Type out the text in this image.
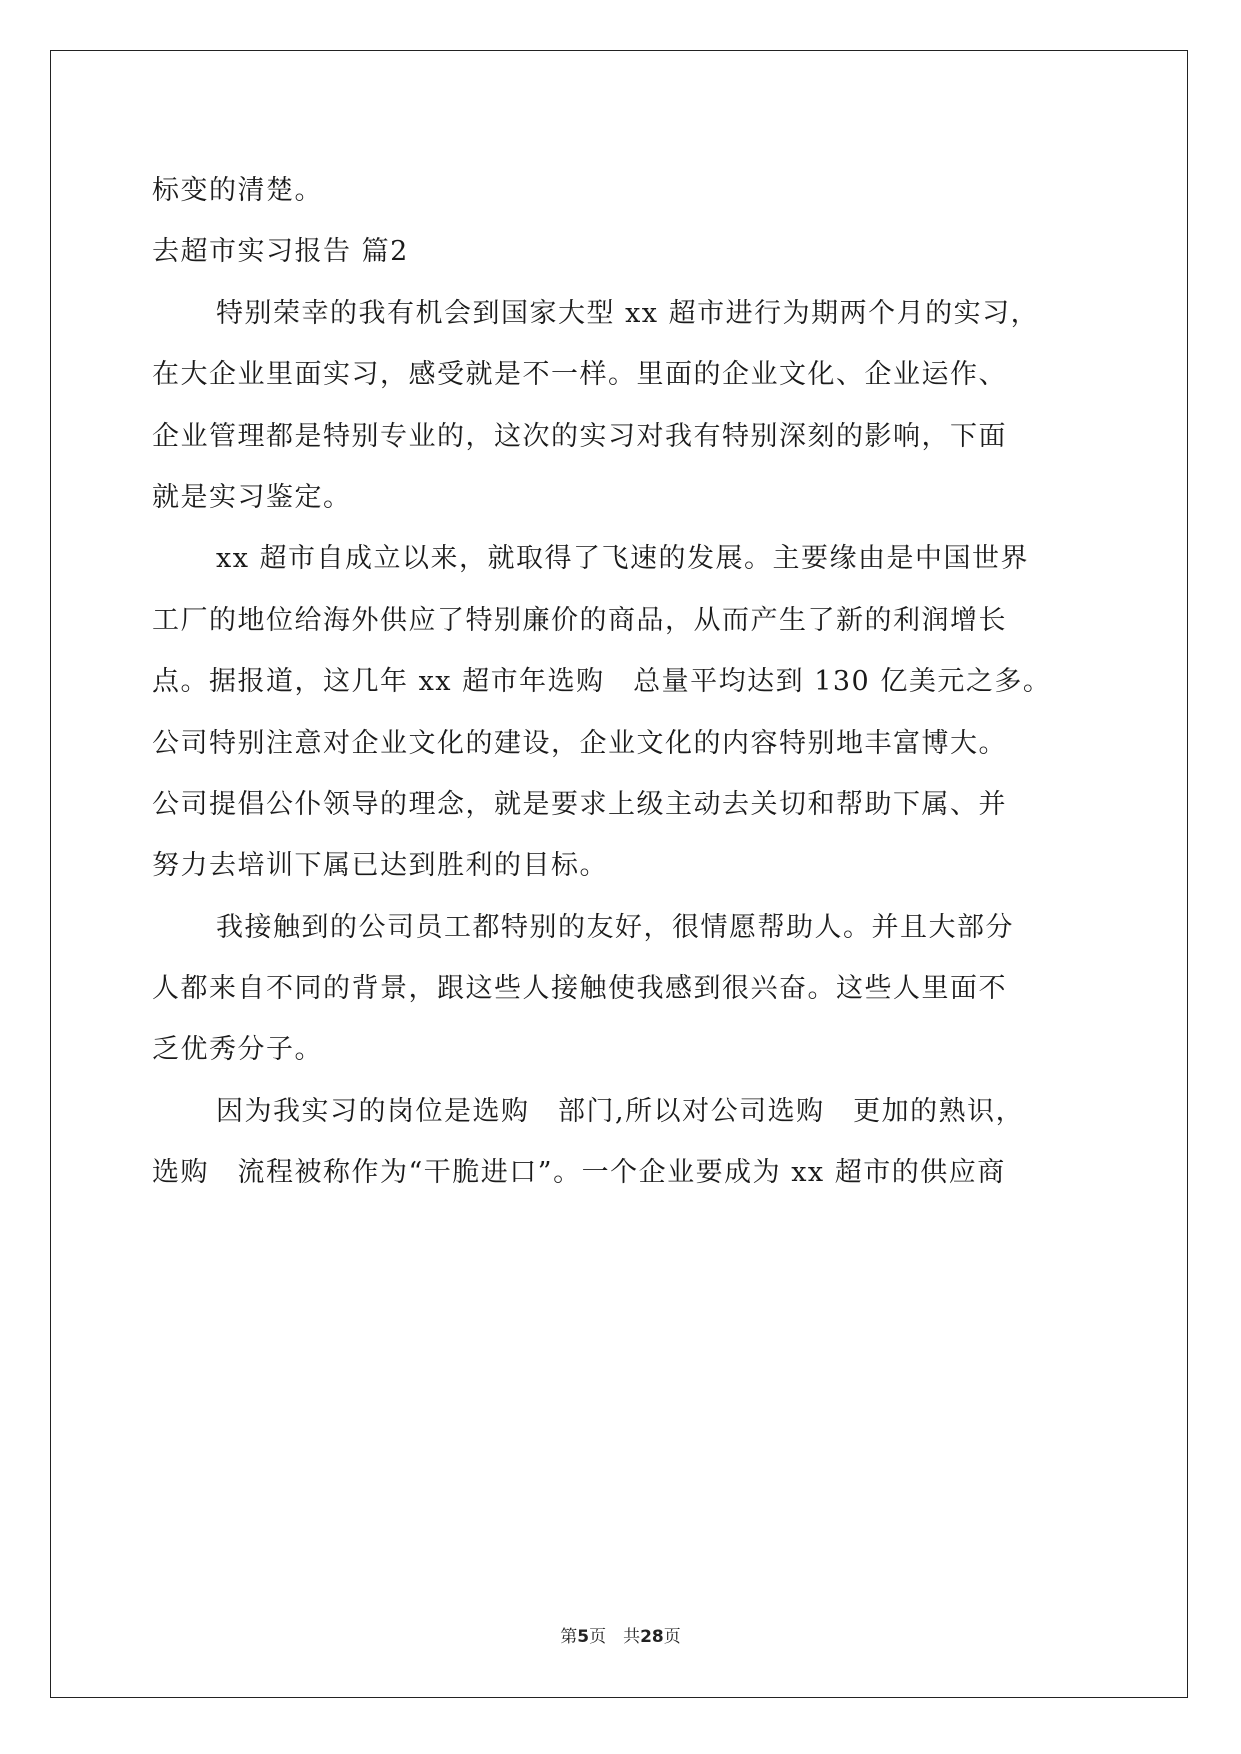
标变的清楚。
去超市实习报告 篇2
特别荣幸的我有机会到国家大型 xx 超市进行为期两个月的实习，
在大企业里面实习，感受就是不一样。里面的企业文化、企业运作、
企业管理都是特别专业的，这次的实习对我有特别深刻的影响，下面
就是实习鉴定。
xx 超市自成立以来，就取得了飞速的发展。主要缘由是中国世界
工厂的地位给海外供应了特别廉价的商品，从而产生了新的利润增长
点。据报道，这几年 xx 超市年选购　总量平均达到 130 亿美元之多。
公司特别注意对企业文化的建设，企业文化的内容特别地丰富博大。
公司提倡公仆领导的理念，就是要求上级主动去关切和帮助下属、并
努力去培训下属已达到胜利的目标。
我接触到的公司员工都特别的友好，很情愿帮助人。并且大部分
人都来自不同的背景，跟这些人接触使我感到很兴奋。这些人里面不
乏优秀分子。
因为我实习的岗位是选购　部门,所以对公司选购　更加的熟识，
选购　流程被称作为“干脆进口”。一个企业要成为 xx 超市的供应商
第5页　共28页
